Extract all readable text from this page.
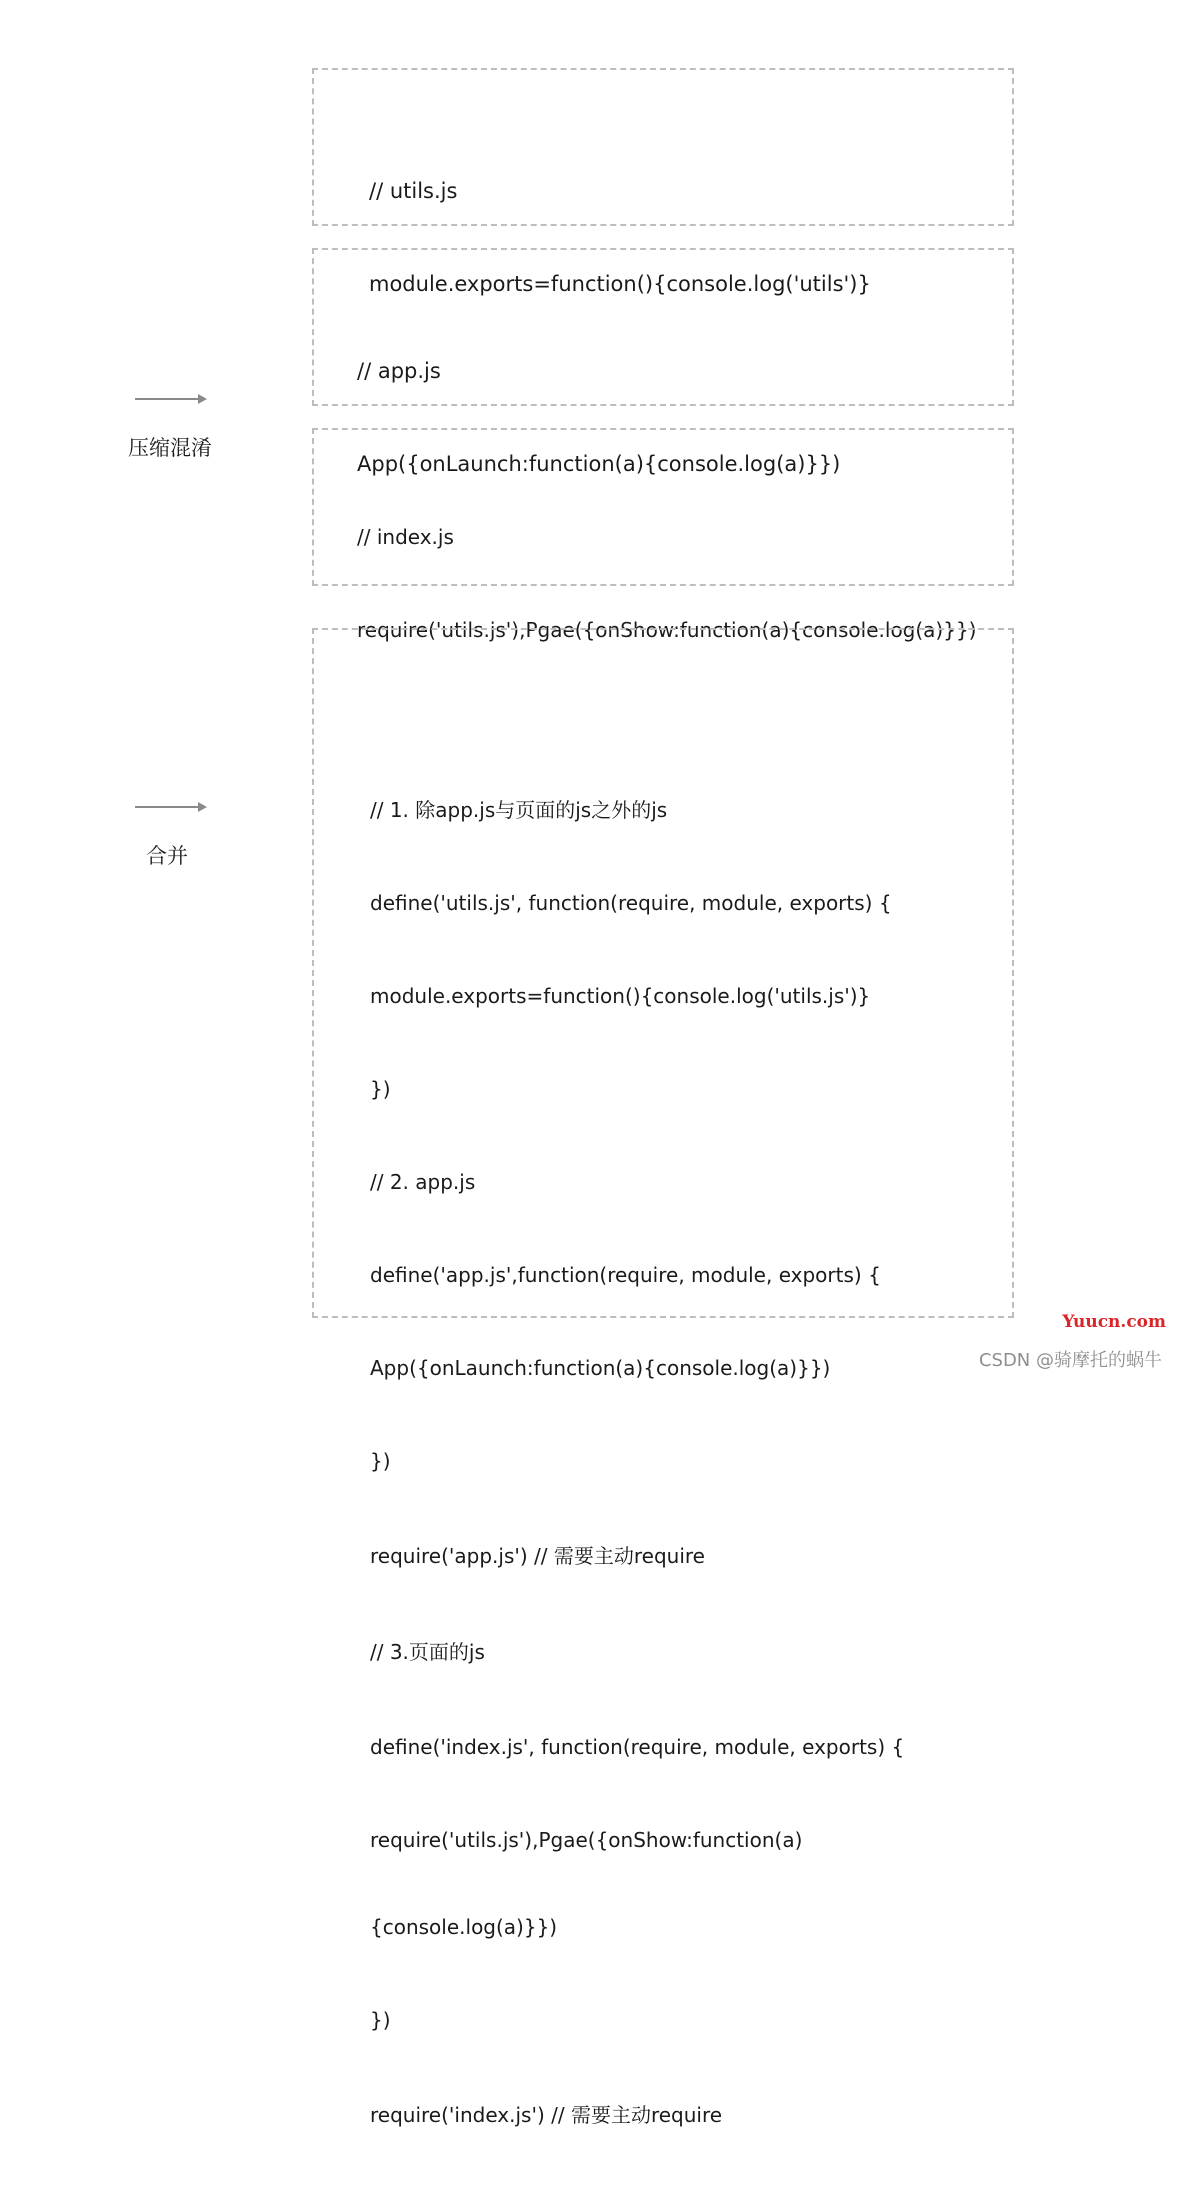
// utils.js

module.exports=function(){console.log('utils')}

// app.js

App({onLaunch:function(a){console.log(a)}})

// index.js

require('utils.js'),Pgae({onShow:function(a){console.log(a)}})

压缩混淆

// 1. 除app.js与页面的js之外的js

define('utils.js', function(require, module, exports) {

module.exports=function(){console.log('utils.js')}

})

// 2. app.js

define('app.js',function(require, module, exports) {

App({onLaunch:function(a){console.log(a)}})

})

require('app.js') // 需要主动require

// 3.页面的js

define('index.js', function(require, module, exports) {

require('utils.js'),Pgae({onShow:function(a)

{console.log(a)}})

})

require('index.js') // 需要主动require

合并
Yuucn.com
CSDN @骑摩托的蜗牛
